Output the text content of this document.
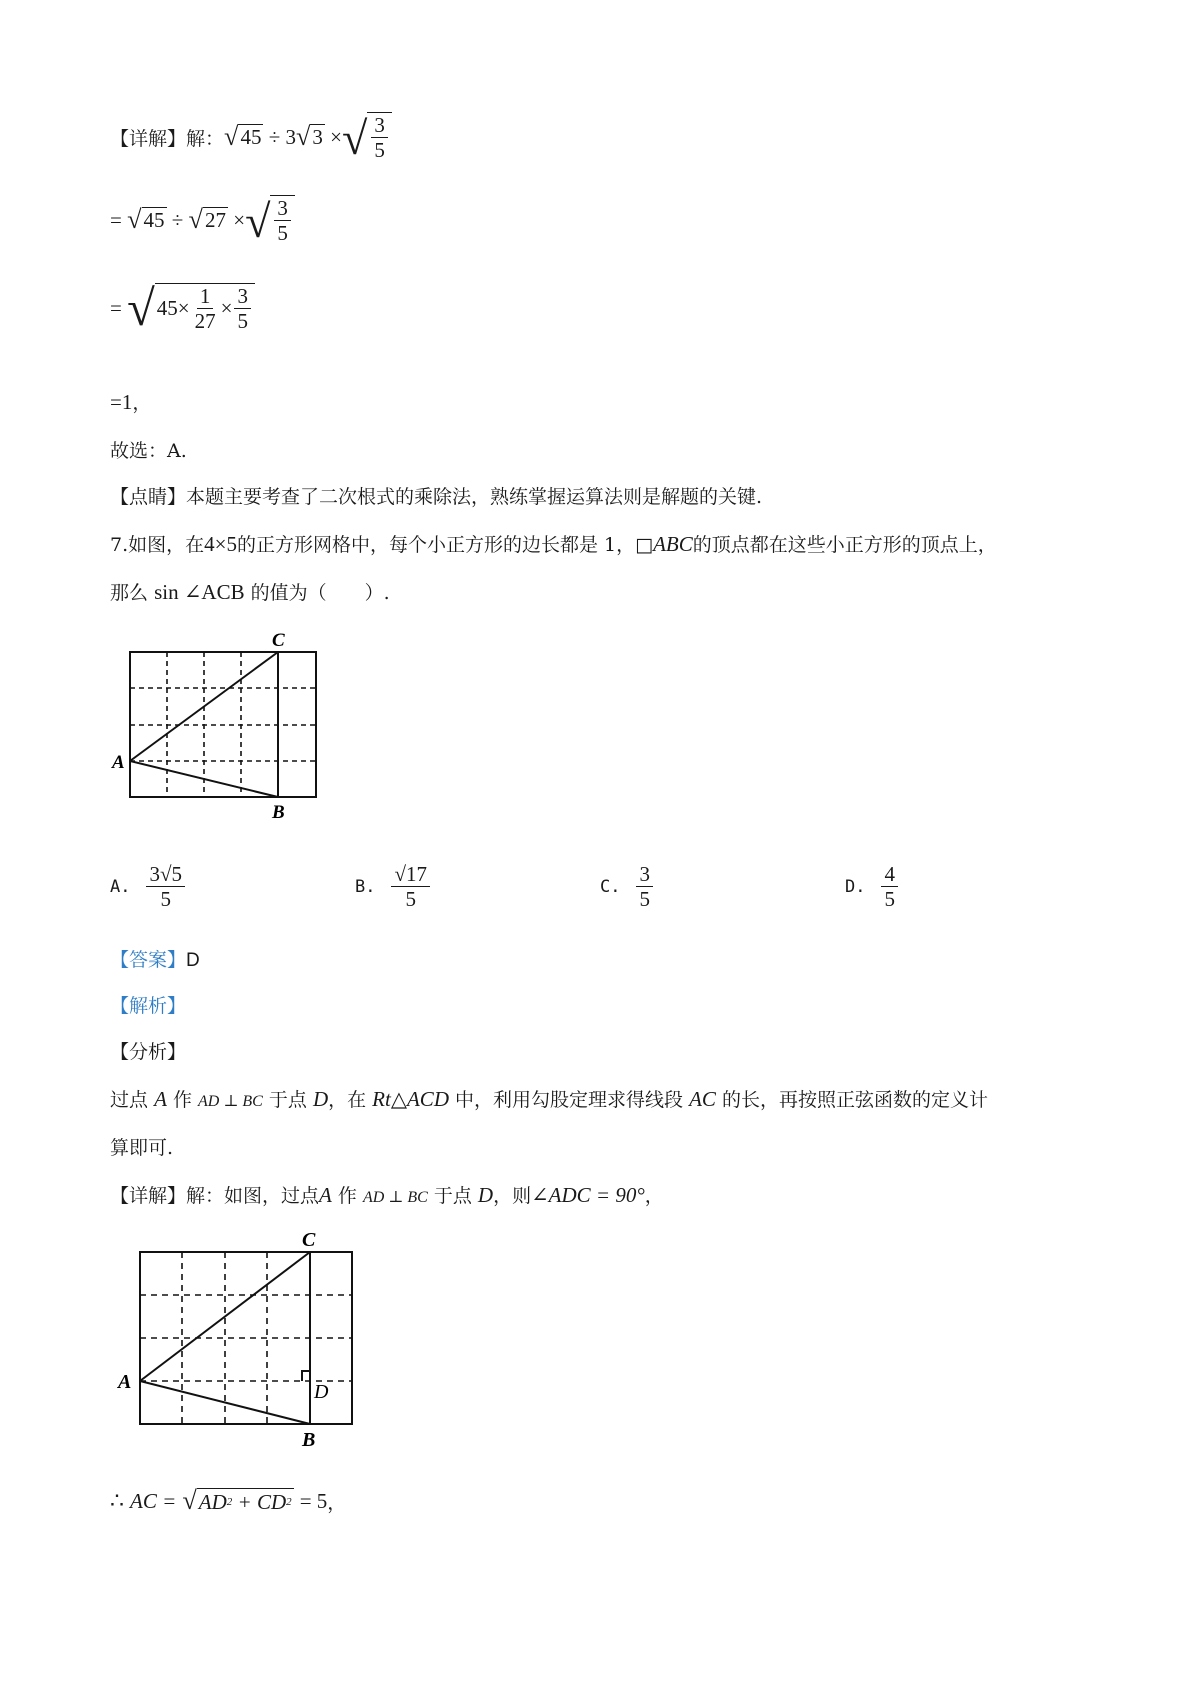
【详解】解： √ 45 ÷ 3 √ 3 × √ $\frac{3}{5}$
=
√ 45 ÷ √ 27 × √ $\frac{3}{5}$
=
√ $45\times \frac{1}{27} \times \frac{3}{5}$
=1，
故选：A.
【点睛】本题主要考查了二次根式的乘除法，熟练掌握运算法则是解题的关键.
7.如图，在4×5的正方形网格中，每个小正方形的边长都是 1，□ABC的顶点都在这些小正方形的顶点上，
那么 sin ∠ACB 的值为（　　）.
C
A
B
A. $\frac{3√5}{5}$	B. $\frac{√17}{5}$	C. $\frac{3}{5}$	D. $\frac{4}{5}$
【答案】D
【解析】
【分析】
过点 A 作 AD ⊥ BC 于点 D，在 Rt△ACD 中，利用勾股定理求得线段 AC 的长，再按照正弦函数的定义计
算即可.
【详解】解：如图，过点A 作 AD ⊥ BC 于点 D，则∠ADC = 90°，
C
A	D
B
∴
AC =
√ AD 2
+
CD 2
= 5 ，
